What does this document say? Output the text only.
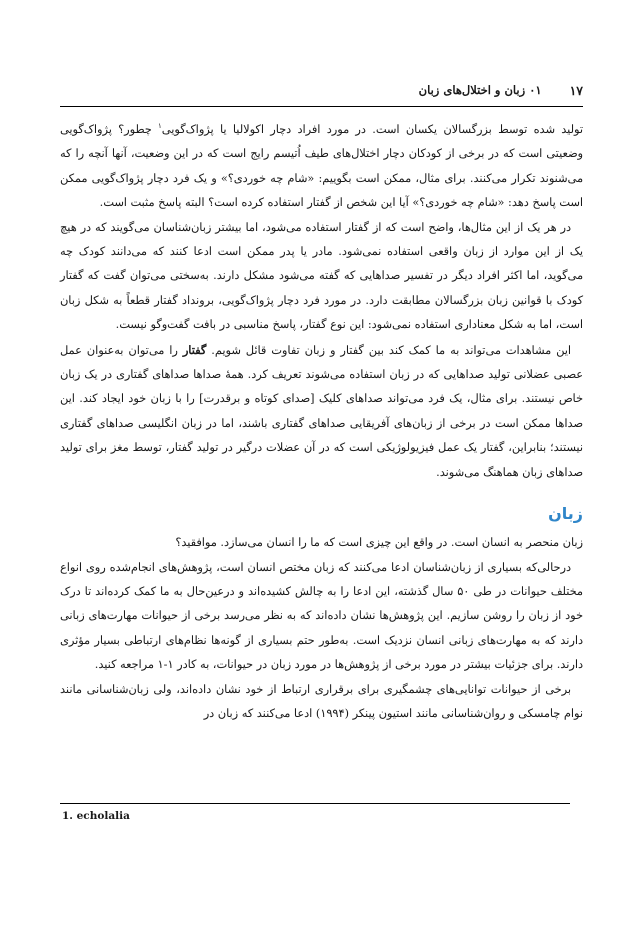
۱۷
۰۱ زبان و اختلال‌های زبان

تولید شده توسط بزرگسالان یکسان است. در مورد افراد دچار اکولالیا یا پژواک‌گویی$^۱$ چطور؟ پژواک‌گویی وضعیتی است که در برخی از کودکان دچار اختلال‌های طیف اُتیسم رایج است که در این وضعیت، آنها آنچه را که می‌شنوند تکرار می‌کنند. برای مثال، ممکن است بگوییم: «شام چه خوردی؟» و یک فرد دچار پژواک‌گویی ممکن است پاسخ دهد: «شام چه خوردی؟» آیا این شخص از گفتار استفاده کرده است؟ البته پاسخ مثبت است.

در هر یک از این مثال‌ها، واضح است که از گفتار استفاده می‌شود، اما بیشتر زبان‌شناسان می‌گویند که در هیچ یک از این موارد از زبان واقعی استفاده نمی‌شود. مادر یا پدر ممکن است ادعا کنند که می‌دانند کودک چه می‌گوید، اما اکثر افراد دیگر در تفسیر صداهایی که گفته می‌شود مشکل دارند. به‌سختی می‌توان گفت که گفتار کودک با قوانین زبان بزرگسالان مطابقت دارد. در مورد فرد دچار پژواک‌گویی، برونداد گفتار قطعاً به شکل زبان است، اما به شکل معناداری استفاده نمی‌شود: این نوع گفتار، پاسخ مناسبی در بافت گفت‌وگو نیست.

این مشاهدات می‌تواند به ما کمک کند بین گفتار و زبان تفاوت قائل شویم. گفتار را می‌توان به‌عنوان عمل عصبی عضلانی تولید صداهایی که در زبان استفاده می‌شوند تعریف کرد. همهٔ صداها صداهای گفتاری در یک زبان خاص نیستند. برای مثال، یک فرد می‌تواند صداهای کلیک [صدای کوتاه و برقدرت] را با زبان خود ایجاد کند. این صداها ممکن است در برخی از زبان‌های آفریقایی صداهای گفتاری باشند، اما در زبان انگلیسی صداهای گفتاری نیستند؛ بنابراین، گفتار یک عمل فیزیولوژیکی است که در آن عضلات درگیر در تولید گفتار، توسط مغز برای تولید صداهای زبان هماهنگ می‌شوند.

زبان

زبان منحصر به انسان است. در واقع این چیزی است که ما را انسان می‌سازد. موافقید؟

درحالی‌که بسیاری از زبان‌شناسان ادعا می‌کنند که زبان مختص انسان است، پژوهش‌های انجام‌شده روی انواع مختلف حیوانات در طی ۵۰ سال گذشته، این ادعا را به چالش کشیده‌اند و درعین‌حال به ما کمک کرده‌اند تا درک خود از زبان را روشن سازیم. این پژوهش‌ها نشان داده‌اند که به نظر می‌رسد برخی از حیوانات مهارت‌های زبانی دارند که به مهارت‌های زبانی انسان نزدیک است. به‌طور حتم بسیاری از گونه‌ها نظام‌های ارتباطی بسیار مؤثری دارند. برای جزئیات بیشتر در مورد برخی از پژوهش‌ها در مورد زبان در حیوانات، به کادر ۱-۱ مراجعه کنید.

برخی از حیوانات توانایی‌های چشمگیری برای برقراری ارتباط از خود نشان داده‌اند، ولی زبان‌شناسانی مانند نوام چامسکی و روان‌شناسانی مانند استیون پینکر (۱۹۹۴) ادعا می‌کنند که زبان در

1. echolalia
